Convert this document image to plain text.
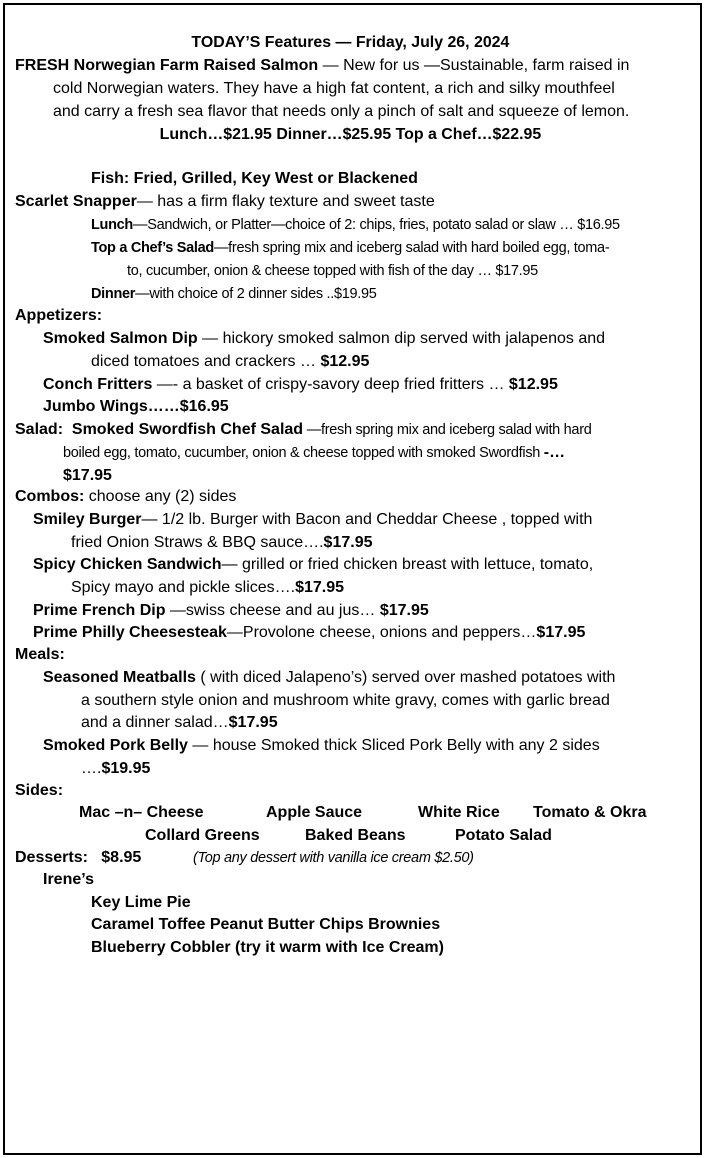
TODAY’S Features — Friday, July 26, 2024
FRESH Norwegian Farm Raised Salmon — New for us —Sustainable, farm raised in
cold Norwegian waters. They have a high fat content, a rich and silky mouthfeel
and carry a fresh sea flavor that needs only a pinch of salt and squeeze of lemon.
Lunch…$21.95 Dinner…$25.95 Top a Chef…$22.95
Fish: Fried, Grilled, Key West or Blackened
Scarlet Snapper— has a firm flaky texture and sweet taste
Lunch—Sandwich, or Platter—choice of 2: chips, fries, potato salad or slaw … $16.95
Top a Chef’s Salad—fresh spring mix and iceberg salad with hard boiled egg, toma-
to, cucumber, onion & cheese topped with fish of the day … $17.95
Dinner—with choice of 2 dinner sides ..$19.95
Appetizers:
Smoked Salmon Dip — hickory smoked salmon dip served with jalapenos and
diced tomatoes and crackers … $12.95
Conch Fritters —- a basket of crispy-savory deep fried fritters … $12.95
Jumbo Wings……$16.95
Salad: Smoked Swordfish Chef Salad —fresh spring mix and iceberg salad with hard
boiled egg, tomato, cucumber, onion & cheese topped with smoked Swordfish -…
$17.95
Combos: choose any (2) sides
Smiley Burger— 1/2 lb. Burger with Bacon and Cheddar Cheese , topped with
fried Onion Straws & BBQ sauce….$17.95
Spicy Chicken Sandwich— grilled or fried chicken breast with lettuce, tomato,
Spicy mayo and pickle slices….$17.95
Prime French Dip —swiss cheese and au jus… $17.95
Prime Philly Cheesesteak—Provolone cheese, onions and peppers…$17.95
Meals:
Seasoned Meatballs ( with diced Jalapeno’s) served over mashed potatoes with
a southern style onion and mushroom white gravy, comes with garlic bread
and a dinner salad…$17.95
Smoked Pork Belly — house Smoked thick Sliced Pork Belly with any 2 sides
….$19.95
Sides:
Mac –n– Cheese	Apple Sauce	White Rice Tomato & Okra
Collard Greens	Baked Beans	Potato Salad
Desserts: $8.95	(Top any dessert with vanilla ice cream $2.50)
Irene’s
Key Lime Pie
Caramel Toffee Peanut Butter Chips Brownies
Blueberry Cobbler (try it warm with Ice Cream)
